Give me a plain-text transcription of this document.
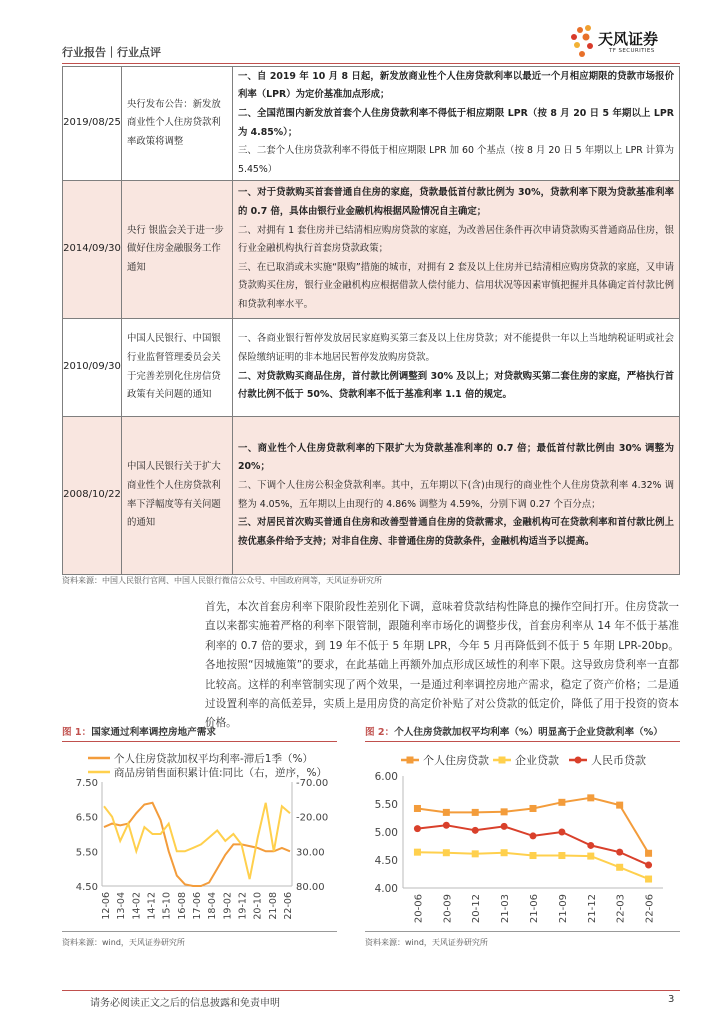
行业报告｜行业点评
天风证券
TF SECURITIES
2019/08/25	央行发布公告：新发放商业性个人住房贷款利率政策将调整	一、自 2019 年 10 月 8 日起，新发放商业性个人住房贷款利率以最近一个月相应期限的贷款市场报价利率（LPR）为定价基准加点形成；
二、全国范围内新发放首套个人住房贷款利率不得低于相应期限 LPR（按 8 月 20 日 5 年期以上 LPR 为 4.85%）；
三、二套个人住房贷款利率不得低于相应期限 LPR 加 60 个基点（按 8 月 20 日 5 年期以上 LPR 计算为 5.45%）

2014/09/30	央行 银监会关于进一步做好住房金融服务工作通知	一、对于贷款购买首套普通自住房的家庭，贷款最低首付款比例为 30%，贷款利率下限为贷款基准利率的 0.7 倍，具体由银行业金融机构根据风险情况自主确定；
二、对拥有 1 套住房并已结清相应购房贷款的家庭，为改善居住条件再次申请贷款购买普通商品住房，银行业金融机构执行首套房贷款政策；
三、在已取消或未实施“限购”措施的城市，对拥有 2 套及以上住房并已结清相应购房贷款的家庭，又申请贷款购买住房，银行业金融机构应根据借款人偿付能力、信用状况等因素审慎把握并具体确定首付款比例和贷款利率水平。

2010/09/30	中国人民银行、中国银行业监督管理委员会关于完善差别化住房信贷政策有关问题的通知	一、各商业银行暂停发放居民家庭购买第三套及以上住房贷款；对不能提供一年以上当地纳税证明或社会保险缴纳证明的非本地居民暂停发放购房贷款。
二、对贷款购买商品住房，首付款比例调整到 30% 及以上；对贷款购买第二套住房的家庭，严格执行首付款比例不低于 50%、贷款利率不低于基准利率 1.1 倍的规定。

2008/10/22	中国人民银行关于扩大商业性个人住房贷款利率下浮幅度等有关问题的通知	一、商业性个人住房贷款利率的下限扩大为贷款基准利率的 0.7 倍；最低首付款比例由 30% 调整为 20%；
二、下调个人住房公积金贷款利率。其中，五年期以下(含)由现行的商业性个人住房贷款利率 4.32% 调整为 4.05%，五年期以上由现行的 4.86% 调整为 4.59%，分别下调 0.27 个百分点；
三、对居民首次购买普通自住房和改善型普通自住房的贷款需求，金融机构可在贷款利率和首付款比例上按优惠条件给予支持；对非自住房、非普通住房的贷款条件，金融机构适当予以提高。
资料来源：中国人民银行官网、中国人民银行微信公众号、中国政府网等，天风证券研究所
首先，本次首套房利率下限阶段性差别化下调，意味着贷款结构性降息的操作空间打开。住房贷款一直以来都实施着严格的利率下限管制，跟随利率市场化的调整步伐，首套房利率从 14 年不低于基准利率的 0.7 倍的要求，到 19 年不低于 5 年期 LPR，今年 5 月再降低到不低于 5 年期 LPR-20bp。各地按照“因城施策”的要求，在此基础上再额外加点形成区域性的利率下限。这导致房贷利率一直都比较高。这样的利率管制实现了两个效果，一是通过利率调控房地产需求，稳定了资产价格；二是通过设置利率的高低差异，实质上是用房贷的高定价补贴了对公贷款的低定价，降低了用于投资的资本价格。
图 1：国家通过利率调控房地产需求
7.50
6.50
5.50
4.50
-70.00
-20.00
30.00
80.00
12-06 13-04 14-02 14-12 15-10 16-08 17-06 18-04 19-02 19-12 20-10 21-08 22-06
个人住房贷款加权平均利率-滞后1季（%）
商品房销售面积累计值:同比（右，逆序，%）
资料来源：wind，天风证券研究所
图 2：个人住房贷款加权平均利率（%）明显高于企业贷款利率（%）
6.00
5.50
5.00
4.50
4.00
20-06 20-09 20-12 21-03 21-06 21-09 21-12 22-03 22-06
个人住房贷款 企业贷款	人民币贷款
资料来源：wind，天风证券研究所
请务必阅读正文之后的信息披露和免责申明	3
